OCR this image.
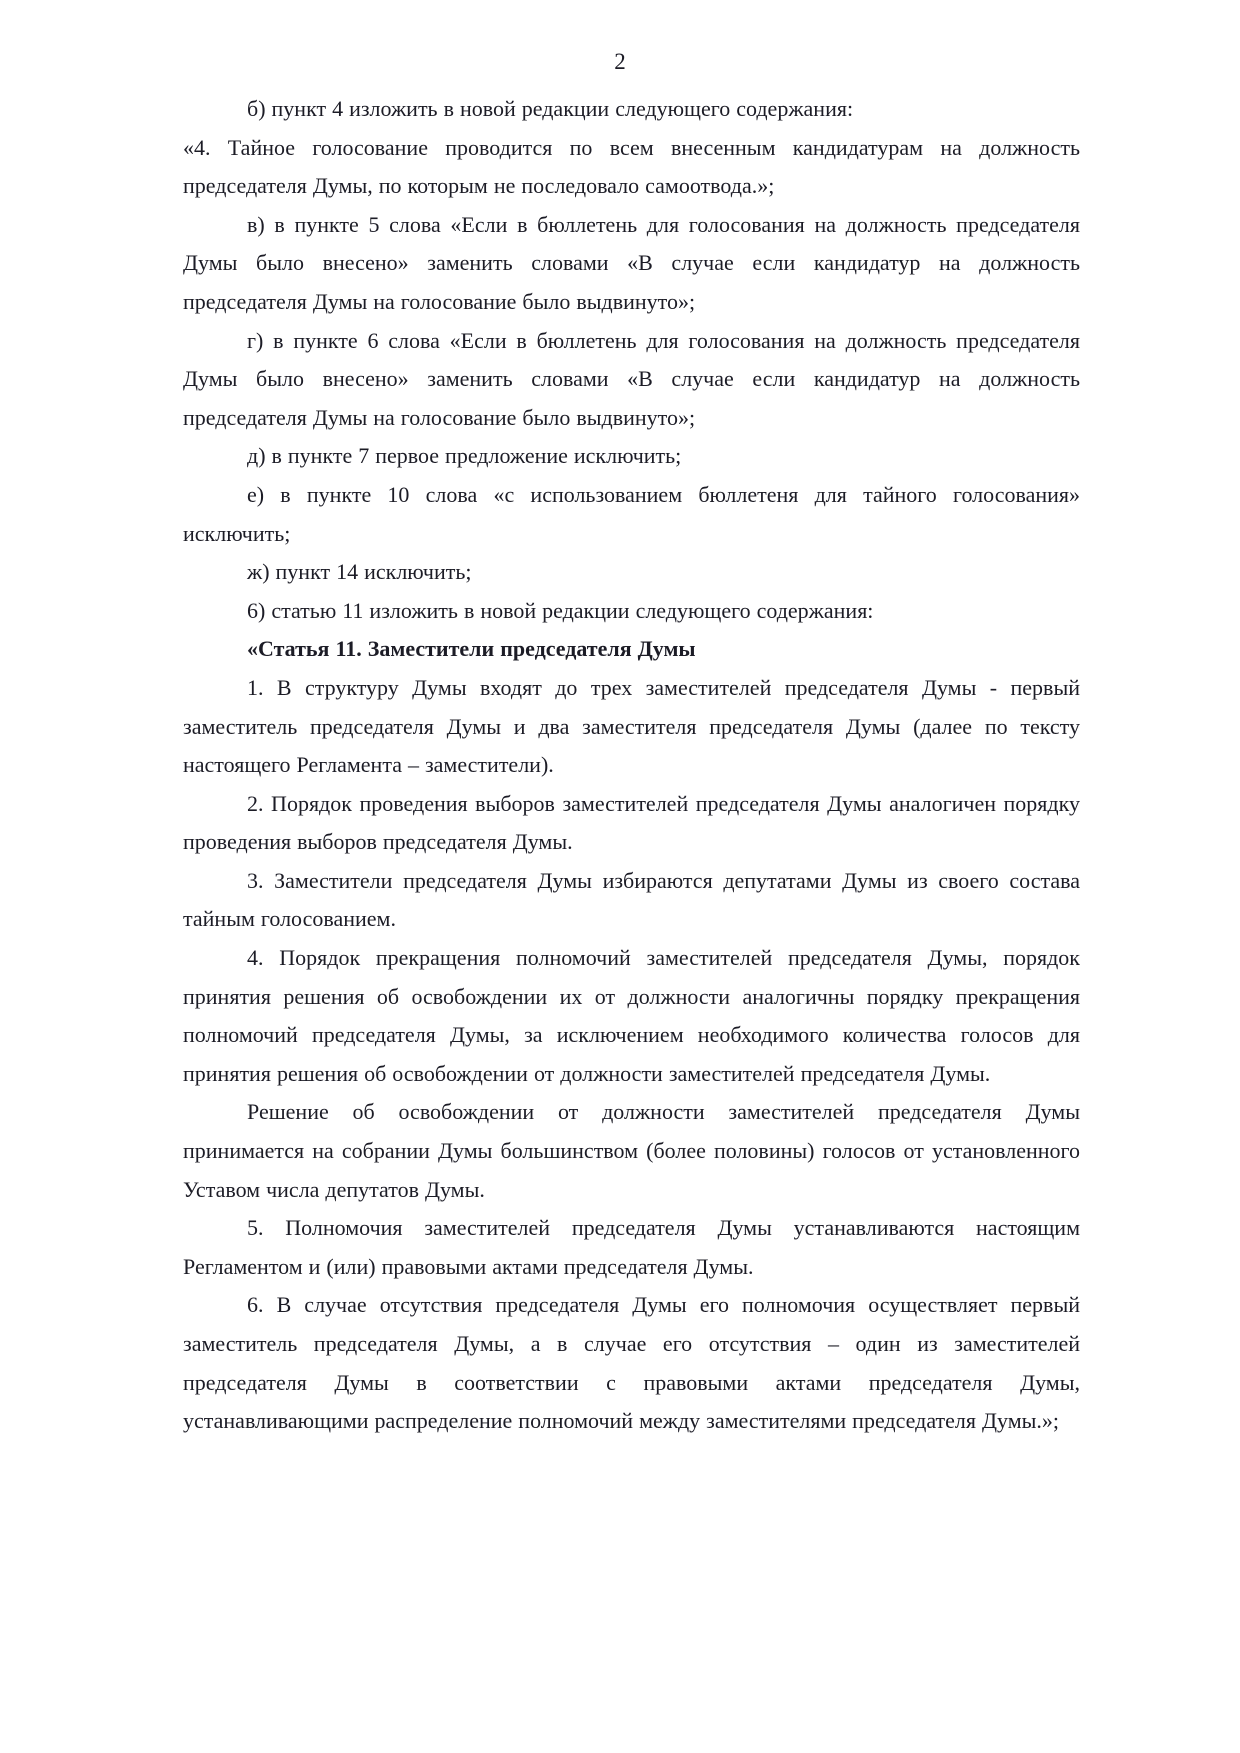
2

б) пункт 4 изложить в новой редакции следующего содержания:

«4. Тайное голосование проводится по всем внесенным кандидатурам на должность председателя Думы, по которым не последовало самоотвода.»;

в) в пункте 5 слова «Если в бюллетень для голосования на должность председателя Думы было внесено» заменить словами «В случае если кандидатур на должность председателя Думы на голосование было выдвинуто»;

г) в пункте 6 слова «Если в бюллетень для голосования на должность председателя Думы было внесено» заменить словами «В случае если кандидатур на должность председателя Думы на голосование было выдвинуто»;

д) в пункте 7 первое предложение исключить;

е) в пункте 10 слова «с использованием бюллетеня для тайного голосования» исключить;

ж) пункт 14 исключить;

6) статью 11 изложить в новой редакции следующего содержания:

«Статья 11. Заместители председателя Думы

1. В структуру Думы входят до трех заместителей председателя Думы - первый заместитель председателя Думы и два заместителя председателя Думы (далее по тексту настоящего Регламента – заместители).

2. Порядок проведения выборов заместителей председателя Думы аналогичен порядку проведения выборов председателя Думы.

3. Заместители председателя Думы избираются депутатами Думы из своего состава тайным голосованием.

4. Порядок прекращения полномочий заместителей председателя Думы, порядок принятия решения об освобождении их от должности аналогичны порядку прекращения полномочий председателя Думы, за исключением необходимого количества голосов для принятия решения об освобождении от должности заместителей председателя Думы.

Решение об освобождении от должности заместителей председателя Думы принимается на собрании Думы большинством (более половины) голосов от установленного Уставом числа депутатов Думы.

5. Полномочия заместителей председателя Думы устанавливаются настоящим Регламентом и (или) правовыми актами председателя Думы.

6. В случае отсутствия председателя Думы его полномочия осуществляет первый заместитель председателя Думы, а в случае его отсутствия – один из заместителей председателя Думы в соответствии с правовыми актами председателя Думы, устанавливающими распределение полномочий между заместителями председателя Думы.»;
